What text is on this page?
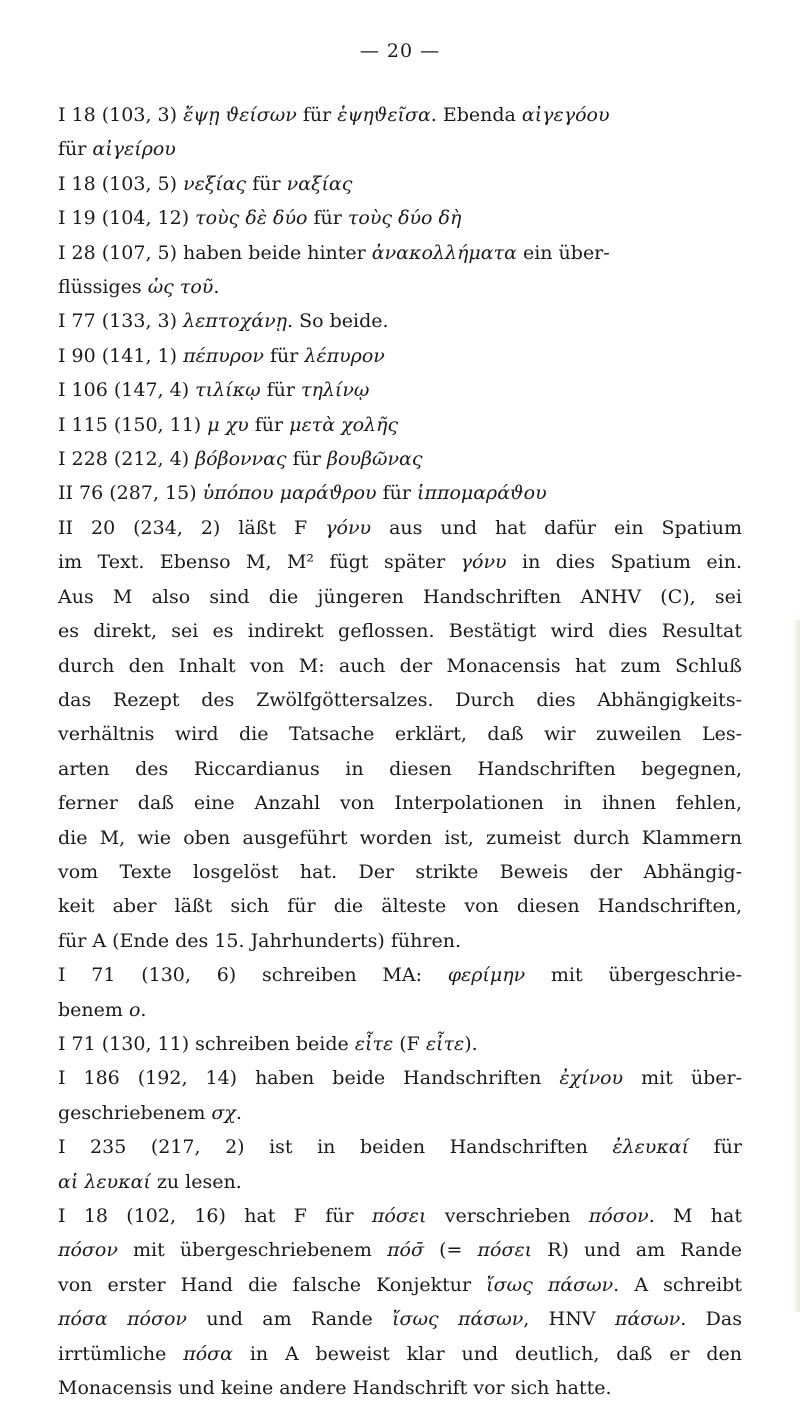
— 20 —
I 18 (103, 3) ἔψῃ ϑείσων für ἑψηϑεῖσα. Ebenda αἰγεγόου
für αἰγείρου
I 18 (103, 5) νεξίας für ναξίας
I 19 (104, 12) τοὺς δὲ δύο für τοὺς δύο δὴ
I 28 (107, 5) haben beide hinter ἀνακολλήματα ein über-
flüssiges ὡς τοῦ.
I 77 (133, 3) λεπτοχάνῃ. So beide.
I 90 (141, 1) πέπυρον für λέπυρον
I 106 (147, 4) τιλίκῳ für τηλίνῳ
I 115 (150, 11) μ χυ für μετὰ χολῆς
I 228 (212, 4) βόβοννας für βουβῶνας
II 76 (287, 15) ὑπόπου μαράϑρου für ἱππομαράϑου
II 20 (234, 2) läßt F γόνυ aus und hat dafür ein Spatium
im Text. Ebenso M, M² fügt später γόνυ in dies Spatium ein.
Aus M also sind die jüngeren Handschriften ANHV (C), sei
es direkt, sei es indirekt geflossen. Bestätigt wird dies Resultat
durch den Inhalt von M: auch der Monacensis hat zum Schluß
das Rezept des Zwölfgöttersalzes. Durch dies Abhängigkeits-
verhältnis wird die Tatsache erklärt, daß wir zuweilen Les-
arten des Riccardianus in diesen Handschriften begegnen,
ferner daß eine Anzahl von Interpolationen in ihnen fehlen,
die M, wie oben ausgeführt worden ist, zumeist durch Klammern
vom Texte losgelöst hat. Der strikte Beweis der Abhängig-
keit aber läßt sich für die älteste von diesen Handschriften,
für A (Ende des 15. Jahrhunderts) führen.
I 71 (130, 6) schreiben MA: φερίμην mit übergeschrie-
benem ο.
I 71 (130, 11) schreiben beide εἶτε (F εἶτε).
I 186 (192, 14) haben beide Handschriften ἐχίνου mit über-
geschriebenem σχ.
I 235 (217, 2) ist in beiden Handschriften ἐλευκαί für
αἱ λευκαί zu lesen.
I 18 (102, 16) hat F für πόσει verschrieben πόσον. M hat
πόσον mit übergeschriebenem πόσ̄ (= πόσει R) und am Rande
von erster Hand die falsche Konjektur ἴσως πάσων. A schreibt
πόσα πόσον und am Rande ἴσως πάσων, HNV πάσων. Das
irrtümliche πόσα in A beweist klar und deutlich, daß er den
Monacensis und keine andere Handschrift vor sich hatte.
